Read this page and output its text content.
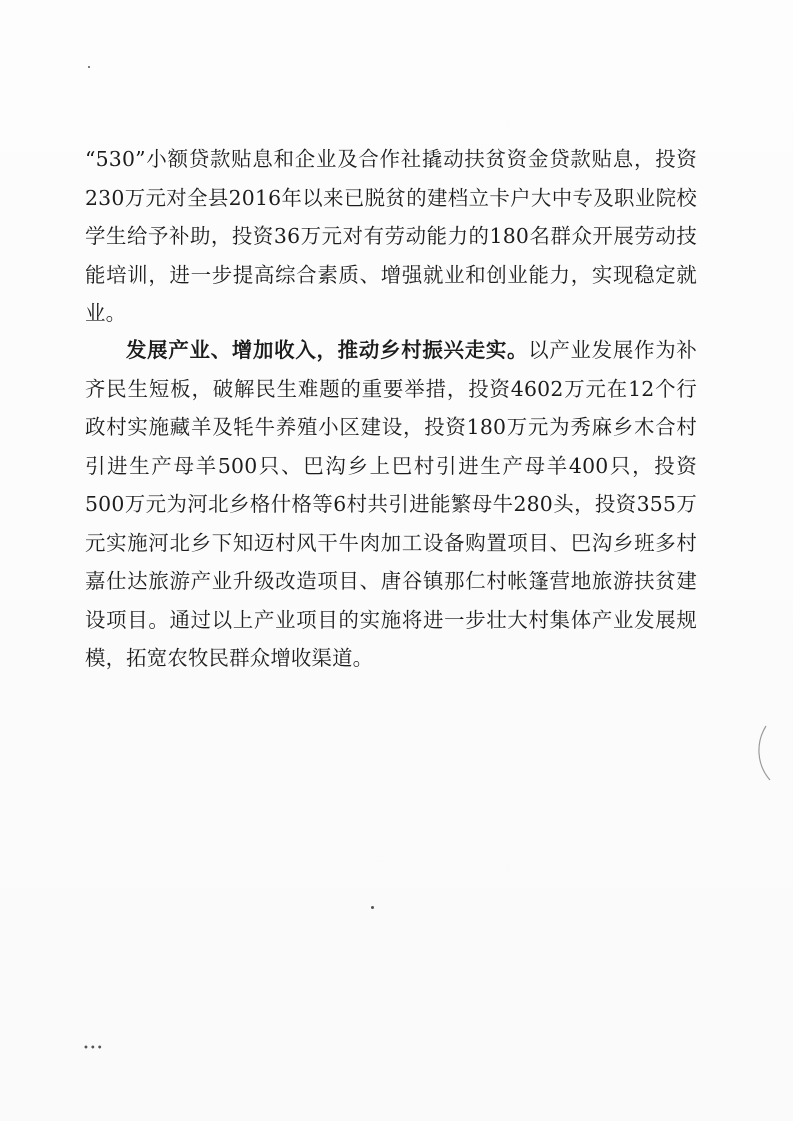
“530”小额贷款贴息和企业及合作社撬动扶贫资金贷款贴息，投资230万元对全县2016年以来已脱贫的建档立卡户大中专及职业院校学生给予补助，投资36万元对有劳动能力的180名群众开展劳动技能培训，进一步提高综合素质、增强就业和创业能力，实现稳定就业。
发展产业、增加收入，推动乡村振兴走实。以产业发展作为补齐民生短板，破解民生难题的重要举措，投资4602万元在12个行政村实施藏羊及牦牛养殖小区建设，投资180万元为秀麻乡木合村引进生产母羊500只、巴沟乡上巴村引进生产母羊400只，投资500万元为河北乡格什格等6村共引进能繁母牛280头，投资355万元实施河北乡下知迈村风干牛肉加工设备购置项目、巴沟乡班多村嘉仕达旅游产业升级改造项目、唐谷镇那仁村帐篷营地旅游扶贫建设项目。通过以上产业项目的实施将进一步壮大村集体产业发展规模，拓宽农牧民群众增收渠道。
•••
